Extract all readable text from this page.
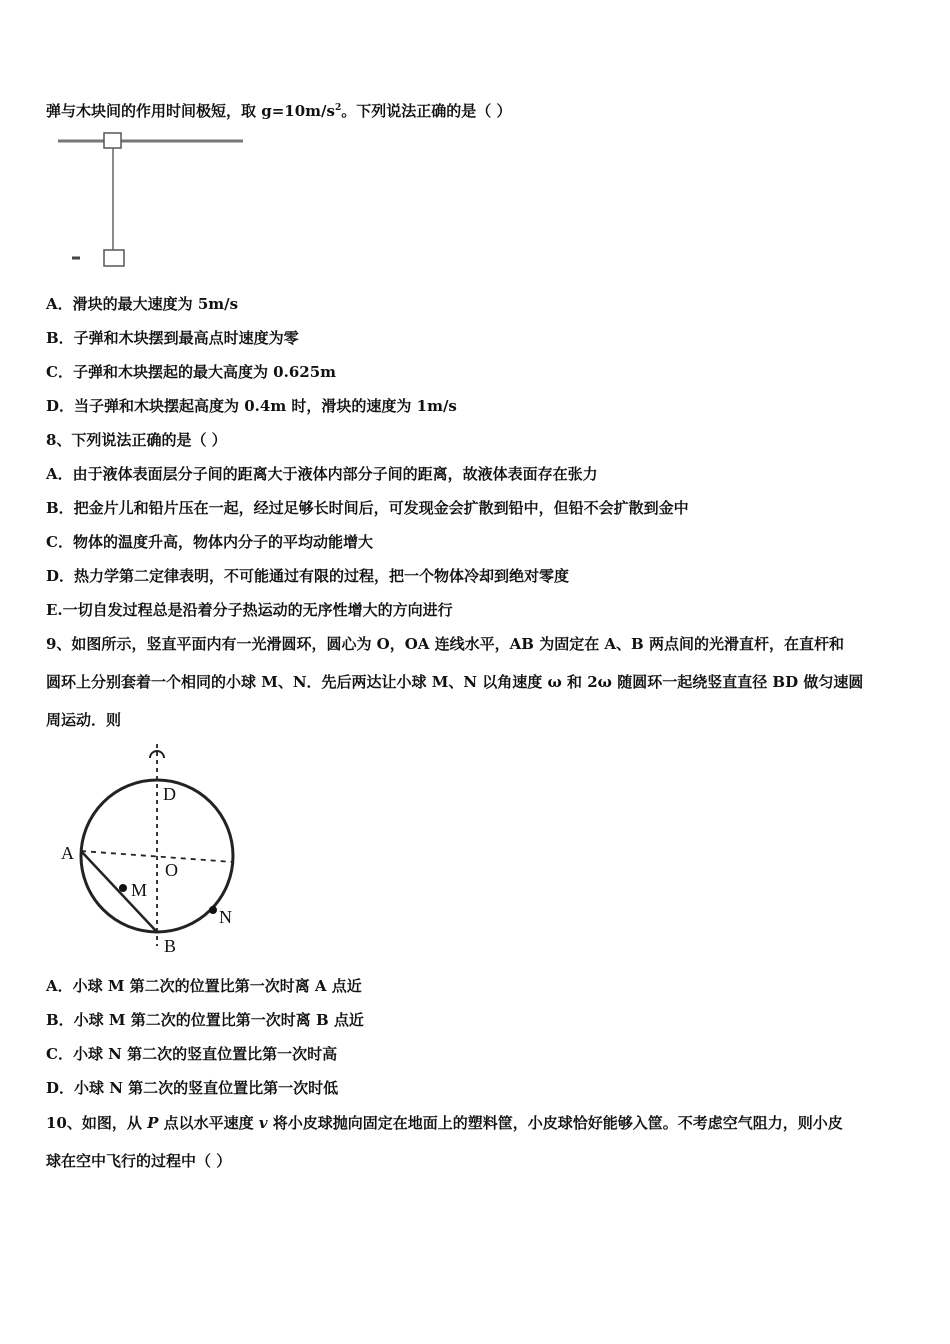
弹与木块间的作用时间极短，取 $g=10m/s^2$。下列说法正确的是（ ）
A．滑块的最大速度为 5m/s
B．子弹和木块摆到最高点时速度为零
C．子弹和木块摆起的最大高度为 0.625m
D．当子弹和木块摆起高度为 0.4m 时，滑块的速度为 1m/s
8、下列说法正确的是（ ）
A．由于液体表面层分子间的距离大于液体内部分子间的距离，故液体表面存在张力
B．把金片儿和铅片压在一起，经过足够长时间后，可发现金会扩散到铅中，但铅不会扩散到金中
C．物体的温度升高，物体内分子的平均动能增大
D．热力学第二定律表明，不可能通过有限的过程，把一个物体冷却到绝对零度
E.一切自发过程总是沿着分子热运动的无序性增大的方向进行
9、如图所示，竖直平面内有一光滑圆环，圆心为 O，OA 连线水平，AB 为固定在 A、B 两点间的光滑直杆，在直杆和
圆环上分别套着一个相同的小球 M、N．先后两达让小球 M、N 以角速度 ω 和 2ω 随圆环一起绕竖直直径 BD 做匀速圆
周运动．则
D
A
O
M
N
B
A．小球 M 第二次的位置比第一次时离 A 点近
B．小球 M 第二次的位置比第一次时离 B 点近
C．小球 N 第二次的竖直位置比第一次时高
D．小球 N 第二次的竖直位置比第一次时低
10、如图，从 P 点以水平速度 v 将小皮球抛向固定在地面上的塑料筐，小皮球恰好能够入筐。不考虑空气阻力，则小皮
球在空中飞行的过程中（ ）
